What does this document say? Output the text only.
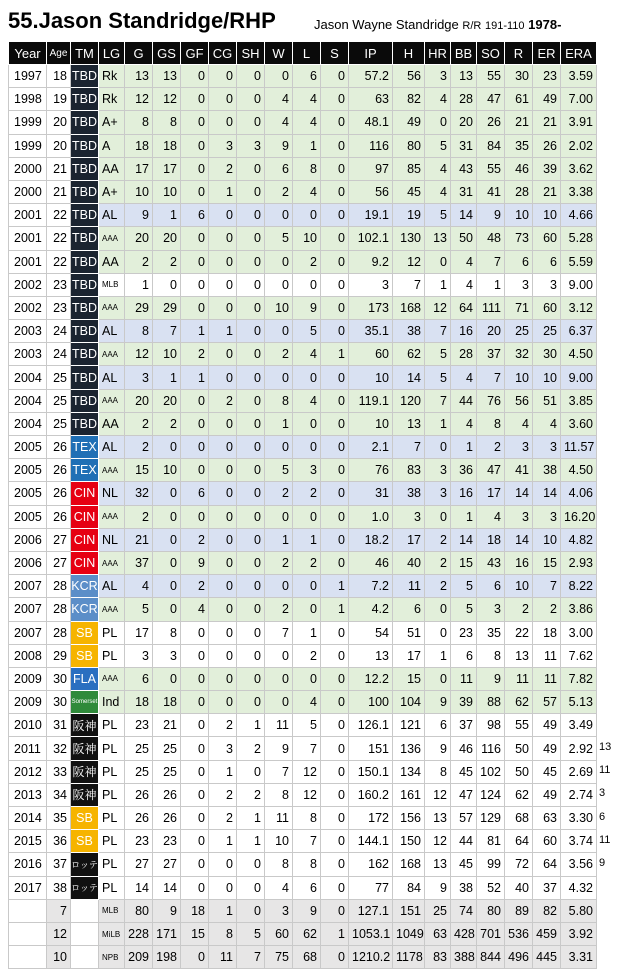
55.Jason Standridge/RHP	Jason Wayne Standridge R/R 191-110 1978-
Year	Age	TM	LG	G	GS	GF	CG	SH	W	L	S	IP	H	HR	BB	SO	R	ER	ERA	
1997	18	TBD	Rk	13	13	0	0	0	0	6	0	57.2	56	3	13	55	30	23	3.59	
1998	19	TBD	Rk	12	12	0	0	0	4	4	0	63	82	4	28	47	61	49	7.00	
1999	20	TBD	A+	8	8	0	0	0	4	4	0	48.1	49	0	20	26	21	21	3.91	
1999	20	TBD	A	18	18	0	3	3	9	1	0	116	80	5	31	84	35	26	2.02	
2000	21	TBD	AA	17	17	0	2	0	6	8	0	97	85	4	43	55	46	39	3.62	
2000	21	TBD	A+	10	10	0	1	0	2	4	0	56	45	4	31	41	28	21	3.38	
2001	22	TBD	AL	9	1	6	0	0	0	0	0	19.1	19	5	14	9	10	10	4.66	
2001	22	TBD	AAA	20	20	0	0	0	5	10	0	102.1	130	13	50	48	73	60	5.28	
2001	22	TBD	AA	2	2	0	0	0	0	2	0	9.2	12	0	4	7	6	6	5.59	
2002	23	TBD	MLB	1	0	0	0	0	0	0	0	3	7	1	4	1	3	3	9.00	
2002	23	TBD	AAA	29	29	0	0	0	10	9	0	173	168	12	64	111	71	60	3.12	
2003	24	TBD	AL	8	7	1	1	0	0	5	0	35.1	38	7	16	20	25	25	6.37	
2003	24	TBD	AAA	12	10	2	0	0	2	4	1	60	62	5	28	37	32	30	4.50	
2004	25	TBD	AL	3	1	1	0	0	0	0	0	10	14	5	4	7	10	10	9.00	
2004	25	TBD	AAA	20	20	0	2	0	8	4	0	119.1	120	7	44	76	56	51	3.85	
2004	25	TBD	AA	2	2	0	0	0	1	0	0	10	13	1	4	8	4	4	3.60	
2005	26	TEX	AL	2	0	0	0	0	0	0	0	2.1	7	0	1	2	3	3	11.57	
2005	26	TEX	AAA	15	10	0	0	0	5	3	0	76	83	3	36	47	41	38	4.50	
2005	26	CIN	NL	32	0	6	0	0	2	2	0	31	38	3	16	17	14	14	4.06	
2005	26	CIN	AAA	2	0	0	0	0	0	0	0	1.0	3	0	1	4	3	3	16.20	
2006	27	CIN	NL	21	0	2	0	0	1	1	0	18.2	17	2	14	18	14	10	4.82	
2006	27	CIN	AAA	37	0	9	0	0	2	2	0	46	40	2	15	43	16	15	2.93	
2007	28	KCR	AL	4	0	2	0	0	0	0	1	7.2	11	2	5	6	10	7	8.22	
2007	28	KCR	AAA	5	0	4	0	0	2	0	1	4.2	6	0	5	3	2	2	3.86	
2007	28	SB	PL	17	8	0	0	0	7	1	0	54	51	0	23	35	22	18	3.00	
2008	29	SB	PL	3	3	0	0	0	0	2	0	13	17	1	6	8	13	11	7.62	
2009	30	FLA	AAA	6	0	0	0	0	0	0	0	12.2	15	0	11	9	11	11	7.82	
2009	30	Somerset	Ind	18	18	0	0	0	0	4	0	100	104	9	39	88	62	57	5.13	
2010	31	阪神	PL	23	21	0	2	1	11	5	0	126.1	121	6	37	98	55	49	3.49	
2011	32	阪神	PL	25	25	0	3	2	9	7	0	151	136	9	46	116	50	49	2.92	13

2012	33	阪神	PL	25	25	0	1	0	7	12	0	150.1	134	8	45	102	50	45	2.69	11

2013	34	阪神	PL	26	26	0	2	2	8	12	0	160.2	161	12	47	124	62	49	2.74	3

2014	35	SB	PL	26	26	0	2	1	11	8	0	172	156	13	57	129	68	63	3.30	6

2015	36	SB	PL	23	23	0	1	1	10	7	0	144.1	150	12	44	81	64	60	3.74	11

2016	37	ロッテ	PL	27	27	0	0	0	8	8	0	162	168	13	45	99	72	64	3.56	9

2017	38	ロッテ	PL	14	14	0	0	0	4	6	0	77	84	9	38	52	40	37	4.32	
	7		MLB	80	9	18	1	0	3	9	0	127.1	151	25	74	80	89	82	5.80	
	12		MiLB	228	171	15	8	5	60	62	1	1053.1	1049	63	428	701	536	459	3.92	
	10		NPB	209	198	0	11	7	75	68	0	1210.2	1178	83	388	844	496	445	3.31	
